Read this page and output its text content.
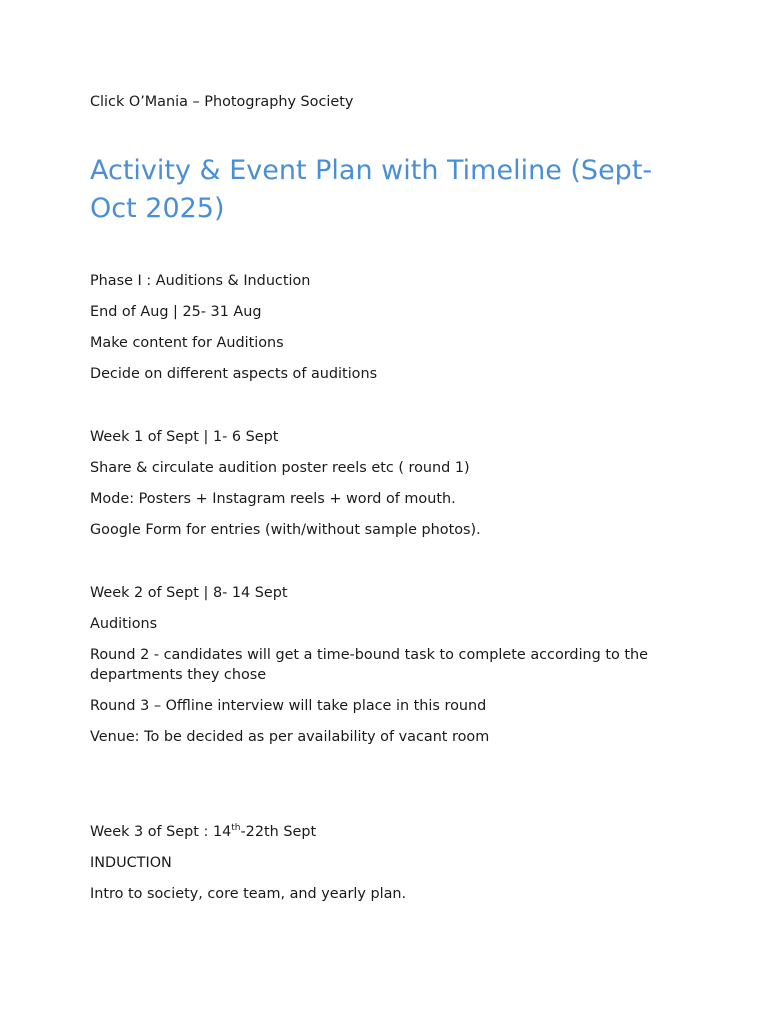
Click O’Mania – Photography Society

Activity & Event Plan with Timeline (Sept-Oct 2025)

Phase I : Auditions & Induction

End of Aug | 25- 31 Aug

Make content for Auditions

Decide on different aspects of auditions

Week 1 of Sept | 1- 6 Sept

Share & circulate audition poster reels etc ( round 1)

Mode: Posters + Instagram reels + word of mouth.

Google Form for entries (with/without sample photos).

Week 2 of Sept | 8- 14 Sept

Auditions

Round 2 - candidates will get a time-bound task to complete according to the departments they chose

Round 3 – Offline interview will take place in this round

Venue: To be decided as per availability of vacant room

Week 3 of Sept : 14th-22th Sept

INDUCTION

Intro to society, core team, and yearly plan.
